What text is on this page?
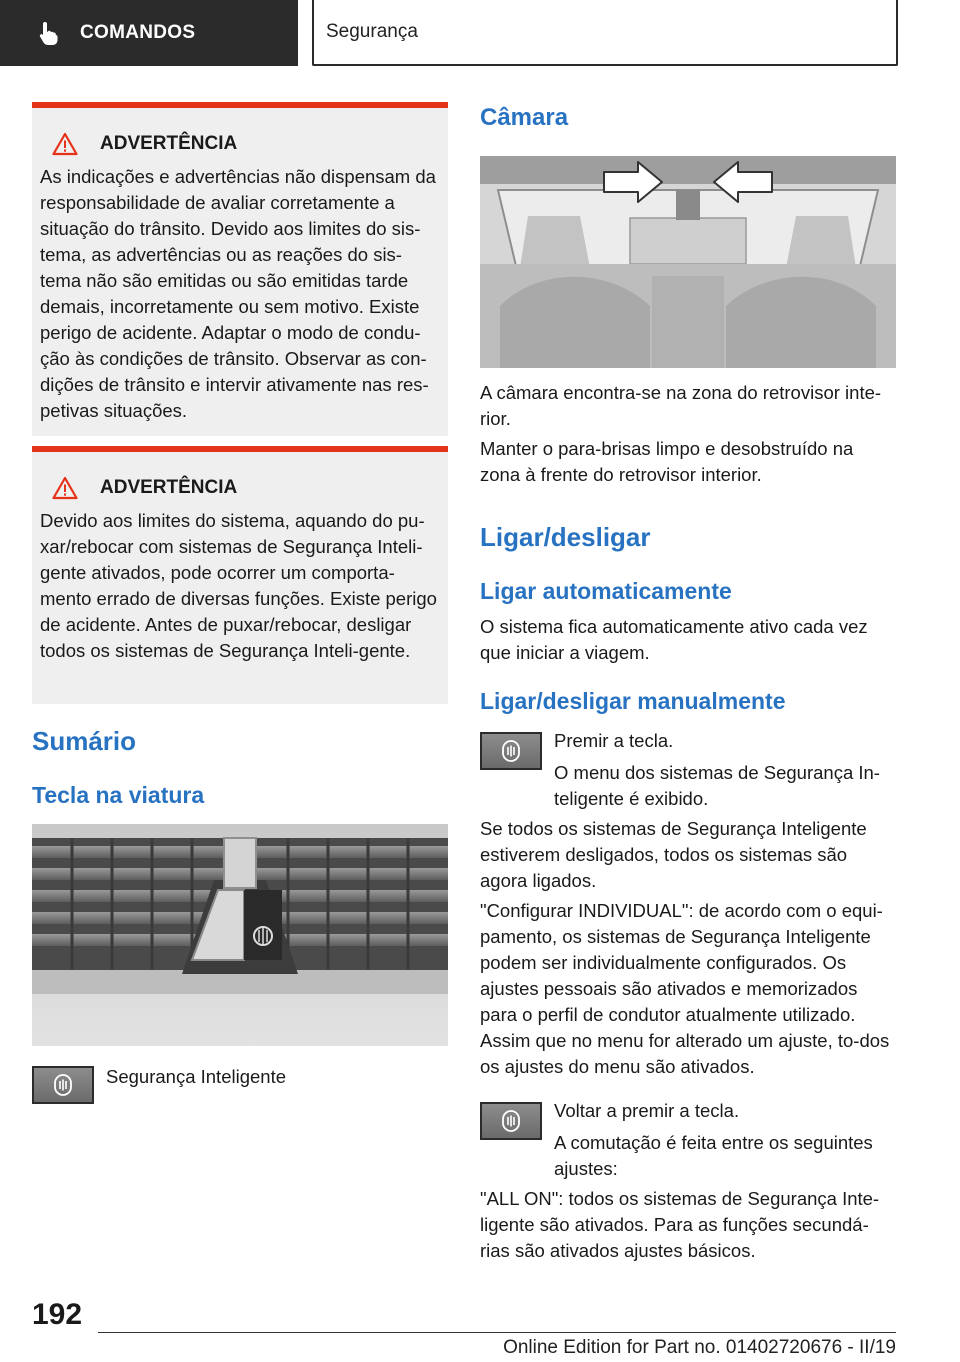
COMANDOS	Segurança
ADVERTÊNCIA

As indicações e advertências não dispensam da responsabilidade de avaliar corretamente a situação do trânsito. Devido aos limites do sis-tema, as advertências ou as reações do sis-tema não são emitidas ou são emitidas tarde demais, incorretamente ou sem motivo. Existe perigo de acidente. Adaptar o modo de condu-ção às condições de trânsito. Observar as con-dições de trânsito e intervir ativamente nas res-petivas situações.

ADVERTÊNCIA

Devido aos limites do sistema, aquando do pu-xar/rebocar com sistemas de Segurança Inteli-gente ativados, pode ocorrer um comporta-mento errado de diversas funções. Existe perigo de acidente. Antes de puxar/rebocar, desligar todos os sistemas de Segurança Inteli-gente.

Sumário
Tecla na viatura

Segurança Inteligente

Câmara

A câmara encontra-se na zona do retrovisor inte-rior.

Manter o para-brisas limpo e desobstruído na zona à frente do retrovisor interior.

Ligar/desligar
Ligar automaticamente

O sistema fica automaticamente ativo cada vez que iniciar a viagem.

Ligar/desligar manualmente

Premir a tecla.

O menu dos sistemas de Segurança In-teligente é exibido.

Se todos os sistemas de Segurança Inteligente estiverem desligados, todos os sistemas são agora ligados.

"Configurar INDIVIDUAL": de acordo com o equi-pamento, os sistemas de Segurança Inteligente podem ser individualmente configurados. Os ajustes pessoais são ativados e memorizados para o perfil de condutor atualmente utilizado. Assim que no menu for alterado um ajuste, to-dos os ajustes do menu são ativados.

Voltar a premir a tecla.

A comutação é feita entre os seguintes ajustes:

"ALL ON": todos os sistemas de Segurança Inte-ligente são ativados. Para as funções secundá-rias são ativados ajustes básicos.

192
Online Edition for Part no. 01402720676 - II/19
